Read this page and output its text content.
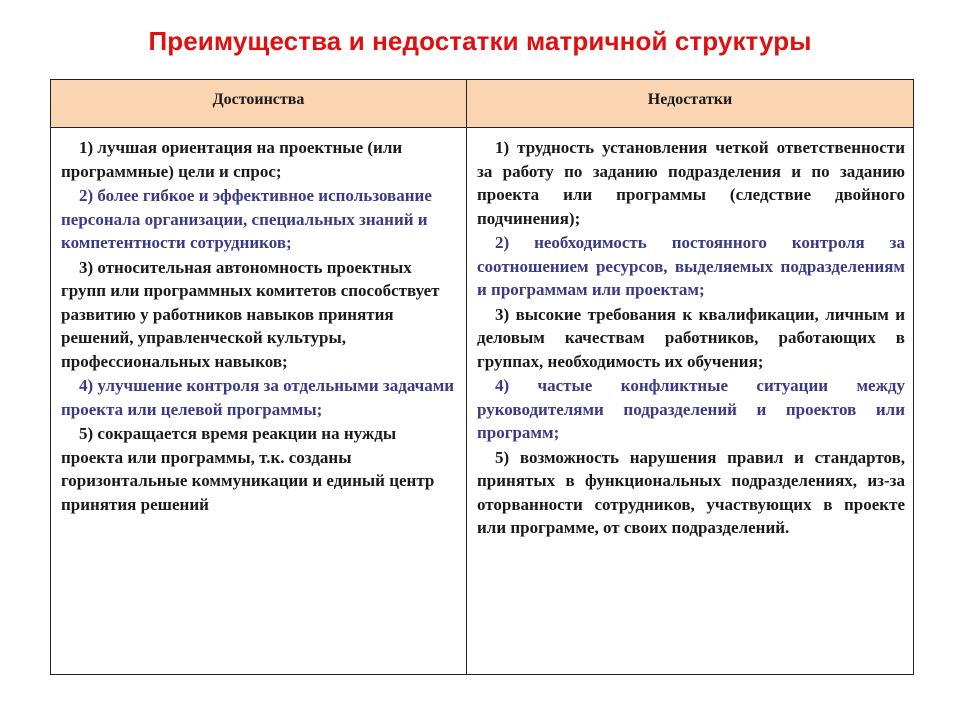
Преимущества и недостатки матричной структуры
Достоинства	Недостатки
1) лучшая ориентация на проектные (или программные) цели и спрос;
2) более гибкое и эффективное использование персонала организации, специальных знаний и компетентности сотрудников;
3) относительная автономность проектных групп или программных комитетов способствует развитию у работников навыков принятия решений, управленческой культуры, профессиональных навыков;
4) улучшение контроля за отдельными задачами проекта или целевой программы;
5) сокращается время реакции на нужды проекта или программы, т.к. созданы горизонтальные коммуникации и единый центр принятия решений
1) трудность установления четкой ответственности за работу по заданию подразделения и по заданию проекта или программы (следствие двойного подчинения);
2) необходимость постоянного контроля за соотношением ресурсов, выделяемых подразделениям и программам или проектам;
3) высокие требования к квалификации, личным и деловым качествам работников, работающих в группах, необходимость их обучения;
4) частые конфликтные ситуации между руководителями подразделений и проектов или программ;
5) возможность нарушения правил и стандартов, принятых в функциональных подразделениях, из-за оторванности сотрудников, участвующих в проекте или программе, от своих подразделений.
